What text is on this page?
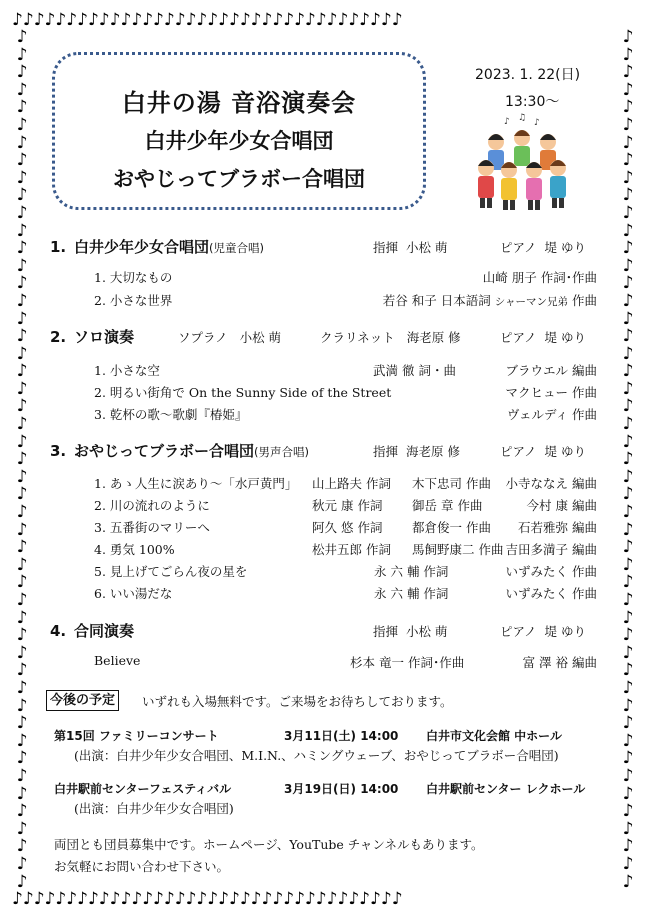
♪♪♪♪♪♪♪♪♪♪♪♪♪♪♪♪♪♪♪♪♪♪♪♪♪♪♪♪♪♪♪♪♪♪♪♪
♪♪♪♪♪♪♪♪♪♪♪♪♪♪♪♪♪♪♪♪♪♪♪♪♪♪♪♪♪♪♪♪♪♪♪♪
♪
♪
♪
♪
♪
♪
♪
♪
♪
♪
♪
♪
♪
♪
♪
♪
♪
♪
♪
♪
♪
♪
♪
♪
♪
♪
♪
♪
♪
♪
♪
♪
♪
♪
♪
♪
♪
♪
♪
♪
♪
♪
♪
♪
♪
♪
♪
♪
♪
♪
♪
♪
♪
♪
♪
♪
♪
♪
♪
♪
♪
♪
♪
♪
♪
♪
♪
♪
♪
♪
♪
♪
♪
♪
♪
♪
♪
♪
♪
♪
♪
♪
♪
♪
♪
♪
♪
♪
♪
♪
♪
♪
♪
♪
♪
♪
♪
♪
白井の湯 音浴演奏会
白井少年少女合唱団
おやじってブラボー合唱団
2023. 1. 22(日)
13:30～
♪ ♫ ♪
1. 白井少年少女合唱団(児童合唱)	指揮 小松 萌	ピアノ 堤 ゆり
1. 大切なもの	山崎 朋子 作詞･作曲
2. 小さな世界	若谷 和子 日本語詞 シャーマン兄弟 作曲
2. ソロ演奏	ソプラノ 小松 萌	クラリネット 海老原 修	ピアノ 堤 ゆり
1. 小さな空	武満 徹 詞・曲	ブラウエル 編曲
2. 明るい街角で On the Sunny Side of the Street	マクヒュー 作曲
3. 乾杯の歌～歌劇『椿姫』	ヴェルディ 作曲
3. おやじってブラボー合唱団(男声合唱)	指揮 海老原 修	ピアノ 堤 ゆり
1. あゝ人生に涙あり～「水戸黄門」 山上路夫 作詞 木下忠司 作曲 小寺ななえ 編曲
2. 川の流れのように	秋元 康 作詞 御岳 章 作曲	今村 康 編曲
3. 五番街のマリーへ	阿久 悠 作詞 都倉俊一 作曲 石若雅弥 編曲
4. 勇気 100%	松井五郎 作詞 馬飼野康二 作曲 吉田多満子 編曲
5. 見上げてごらん夜の星を	永 六 輔 作詞	いずみたく 作曲
6. いい湯だな	永 六 輔 作詞	いずみたく 作曲
4. 合同演奏	指揮 小松 萌	ピアノ 堤 ゆり
Believe	杉本 竜一 作詞･作曲	富 澤 裕 編曲
今後の予定	いずれも入場無料です。ご来場をお待ちしております。
第15回 ファミリーコンサート	3月11日(土) 14:00 白井市文化会館 中ホール
(出演：白井少年少女合唱団、M.I.N.、ハミングウェーブ、おやじってブラボー合唱団)
白井駅前センターフェスティバル	3月19日(日) 14:00 白井駅前センター レクホール
(出演：白井少年少女合唱団)
両団とも団員募集中です。ホームページ、YouTube チャンネルもあります。
お気軽にお問い合わせ下さい。
